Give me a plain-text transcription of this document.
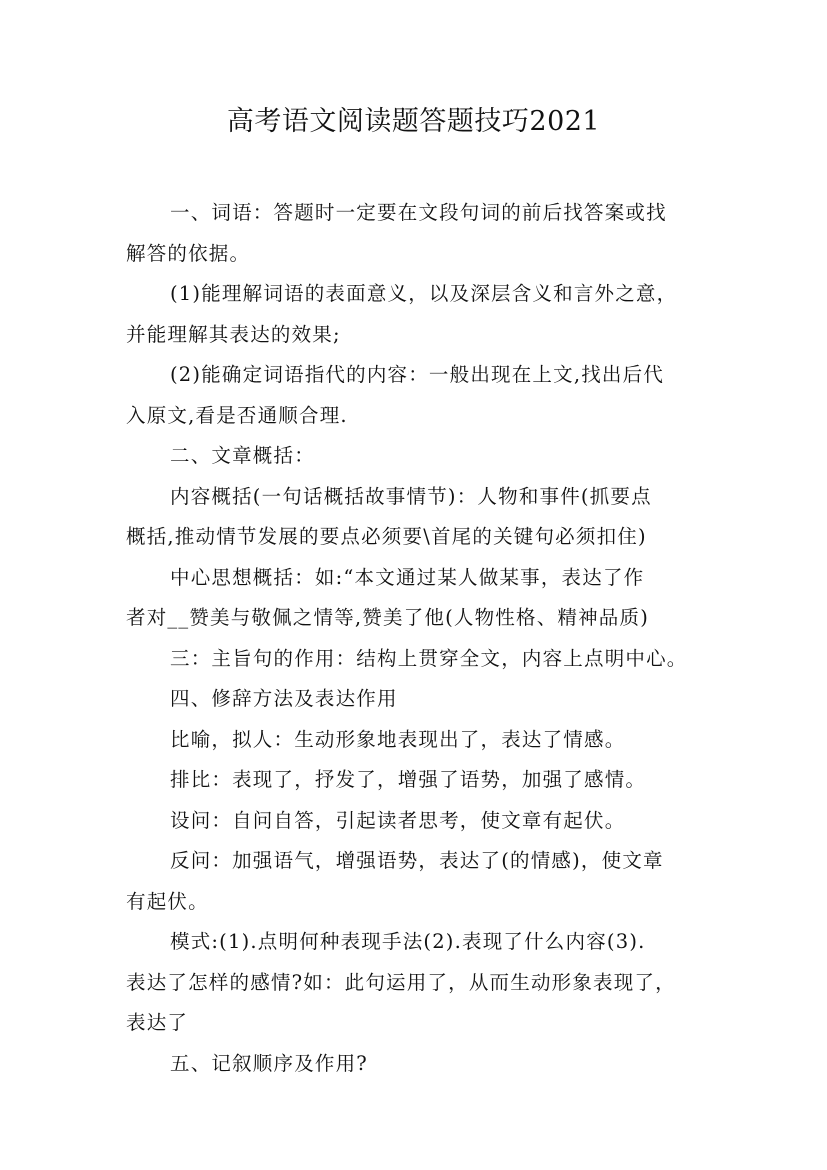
高考语文阅读题答题技巧2021
一、词语：答题时一定要在文段句词的前后找答案或找
解答的依据。
(1)能理解词语的表面意义，以及深层含义和言外之意，
并能理解其表达的效果;
(2)能确定词语指代的内容：一般出现在上文,找出后代
入原文,看是否通顺合理.
二、文章概括：
内容概括(一句话概括故事情节)：人物和事件(抓要点
概括,推动情节发展的要点必须要\首尾的关键句必须扣住)
中心思想概括：如:“本文通过某人做某事，表达了作
者对__赞美与敬佩之情等,赞美了他(人物性格、精神品质)
三：主旨句的作用：结构上贯穿全文，内容上点明中心。
四、修辞方法及表达作用
比喻，拟人：生动形象地表现出了，表达了情感。
排比：表现了，抒发了，增强了语势，加强了感情。
设问：自问自答，引起读者思考，使文章有起伏。
反问：加强语气，增强语势，表达了(的情感)，使文章
有起伏。
模式:(1).点明何种表现手法(2).表现了什么内容(3).
表达了怎样的感情?如：此句运用了，从而生动形象表现了，
表达了
五、记叙顺序及作用?
